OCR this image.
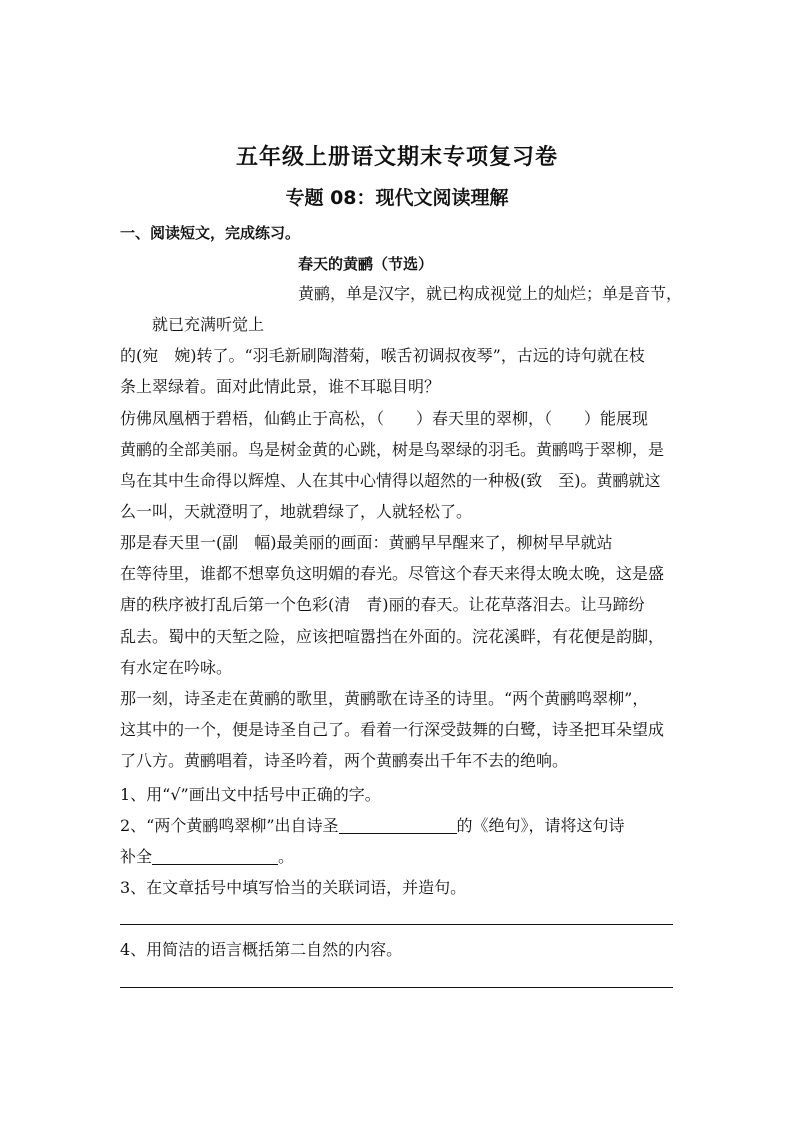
五年级上册语文期末专项复习卷
专题 08：现代文阅读理解
一、阅读短文，完成练习。
春天的黄鹂（节选）
黄鹂，单是汉字，就已构成视觉上的灿烂；单是音节，
就已充满听觉上
的(宛　婉)转了。“羽毛新刷陶潜菊，喉舌初调叔夜琴”，古远的诗句就在枝
条上翠绿着。面对此情此景，谁不耳聪目明？
仿佛凤凰栖于碧梧，仙鹤止于高松，（　　）春天里的翠柳，（　　）能展现
黄鹂的全部美丽。鸟是树金黄的心跳，树是鸟翠绿的羽毛。黄鹂鸣于翠柳，是
鸟在其中生命得以辉煌、人在其中心情得以超然的一种极(致　至)。黄鹂就这
么一叫，天就澄明了，地就碧绿了，人就轻松了。
那是春天里一(副　幅)最美丽的画面：黄鹂早早醒来了，柳树早早就站
在等待里，谁都不想辜负这明媚的春光。尽管这个春天来得太晚太晚，这是盛
唐的秩序被打乱后第一个色彩(清　青)丽的春天。让花草落泪去。让马蹄纷
乱去。蜀中的天堑之险，应该把喧嚣挡在外面的。浣花溪畔，有花便是韵脚，
有水定在吟咏。
那一刻，诗圣走在黄鹂的歌里，黄鹂歌在诗圣的诗里。“两个黄鹂鸣翠柳”，
这其中的一个，便是诗圣自己了。看着一行深受鼓舞的白鹭，诗圣把耳朵望成
了八方。黄鹂唱着，诗圣吟着，两个黄鹂奏出千年不去的绝响。
1、用“√”画出文中括号中正确的字。
2、“两个黄鹂鸣翠柳”出自诗圣	的《绝句》，请将这句诗
补全	。
3、在文章括号中填写恰当的关联词语，并造句。
4、用简洁的语言概括第二自然的内容。
